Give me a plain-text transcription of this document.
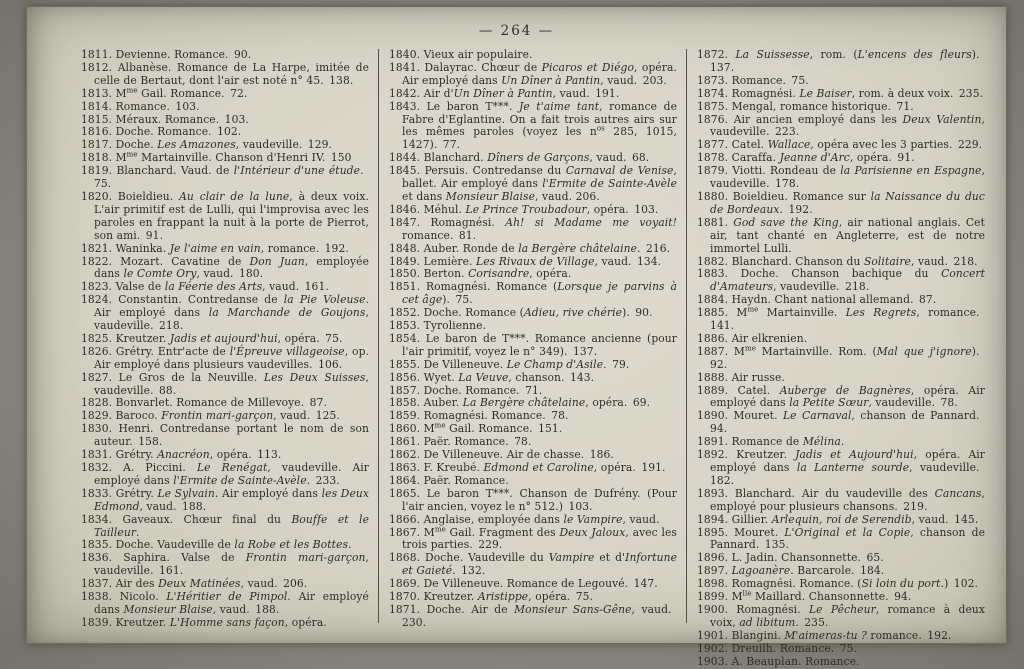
— 264 —

1811. Devienne. Romance. 90.

1812. Albanèse. Romance de La Harpe, imitée de celle de Bertaut, dont l'air est noté n° 45. 138.

1813. $M^{me}$ Gail. Romance. 72.

1814. Romance. 103.

1815. Méraux. Romance. 103.

1816. Doche. Romance. 102.

1817. Doche. Les Amazones, vaudeville. 129.

1818. $M^{me}$ Martainville. Chanson d'Henri IV. 150

1819. Blanchard. Vaud. de l'Intérieur d'une étude. 75.

1820. Boieldieu. Au clair de la lune, à deux voix. L'air primitif est de Lulli, qui l'improvisa avec les paroles en frappant la nuit à la porte de Pierrot, son ami. 91.

1821. Waninka. Je l'aime en vain, romance. 192.

1822. Mozart. Cavatine de Don Juan, employée dans le Comte Ory, vaud. 180.

1823. Valse de la Féerie des Arts, vaud. 161.

1824. Constantin. Contredanse de la Pie Voleuse. Air employé dans la Marchande de Goujons, vaudeville. 218.

1825. Kreutzer. Jadis et aujourd'hui, opéra. 75.

1826. Grétry. Entr'acte de l'Épreuve villageoise, op. Air employé dans plusieurs vaudevilles. 106.

1827. Le Gros de la Neuville. Les Deux Suisses, vaudeville. 88.

1828. Bonvarlet. Romance de Millevoye. 87.

1829. Baroco. Frontin mari-garçon, vaud. 125.

1830. Henri. Contredanse portant le nom de son auteur. 158.

1831. Grétry. Anacréon, opéra. 113.

1832. A. Piccini. Le Renégat, vaudeville. Air employé dans l'Ermite de Sainte-Avèle. 233.

1833. Grétry. Le Sylvain. Air employé dans les Deux Edmond, vaud. 188.

1834. Gaveaux. Chœur final du Bouffe et le Tailleur.

1835. Doche. Vaudeville de la Robe et les Bottes.

1836. Saphira. Valse de Frontin mari-garçon, vaudeville. 161.

1837. Air des Deux Matinées, vaud. 206.

1838. Nicolo. L'Héritier de Pimpol. Air employé dans Monsieur Blaise, vaud. 188.

1839. Kreutzer. L'Homme sans façon, opéra.

1840. Vieux air populaire.

1841. Dalayrac. Chœur de Picaros et Diégo, opéra. Air employé dans Un Dîner à Pantin, vaud. 203.

1842. Air d'Un Dîner à Pantin, vaud. 191.

1843. Le baron T***. Je t'aime tant, romance de Fabre d'Eglantine. On a fait trois autres airs sur les mêmes paroles (voyez les $n^{os}$ 285, 1015, 1427). 77.

1844. Blanchard. Dîners de Garçons, vaud. 68.

1845. Persuis. Contredanse du Carnaval de Venise, ballet. Air employé dans l'Ermite de Sainte-Avèle et dans Monsieur Blaise, vaud. 206.

1846. Méhul. Le Prince Troubadour, opéra. 103.

1847. Romagnési. Ah! si Madame me voyait! romance. 81.

1848. Auber. Ronde de la Bergère châtelaine. 216.

1849. Lemière. Les Rivaux de Village, vaud. 134.

1850. Berton. Corisandre, opéra.

1851. Romagnési. Romance (Lorsque je parvins à cet âge). 75.

1852. Doche. Romance (Adieu, rive chérie). 90.

1853. Tyrolienne.

1854. Le baron de T***. Romance ancienne (pour l'air primitif, voyez le n° 349). 137.

1855. De Villeneuve. Le Champ d'Asile. 79.

1856. Wyet. La Veuve, chanson. 143.

1857. Doche. Romance. 71.

1858. Auber. La Bergère châtelaine, opéra. 69.

1859. Romagnési. Romance. 78.

1860. $M^{me}$ Gail. Romance. 151.

1861. Paër. Romance. 78.

1862. De Villeneuve. Air de chasse. 186.

1863. F. Kreubé. Edmond et Caroline, opéra. 191.

1864. Paër. Romance.

1865. Le baron T***. Chanson de Dufrény. (Pour l'air ancien, voyez le n° 512.) 103.

1866. Anglaise, employée dans le Vampire, vaud.

1867. $M^{me}$ Gail. Fragment des Deux Jaloux, avec les trois parties. 229.

1868. Doche. Vaudeville du Vampire et d'Infortune et Gaieté. 132.

1869. De Villeneuve. Romance de Legouvé. 147.

1870. Kreutzer. Aristippe, opéra. 75.

1871. Doche. Air de Monsieur Sans-Gêne, vaud. 230.

1872. La Suissesse, rom. (L'encens des fleurs). 137.

1873. Romance. 75.

1874. Romagnési. Le Baiser, rom. à deux voix. 235.

1875. Mengal, romance historique. 71.

1876. Air ancien employé dans les Deux Valentin, vaudeville. 223.

1877. Catel. Wallace, opéra avec les 3 parties. 229.

1878. Caraffa. Jeanne d'Arc, opéra. 91.

1879. Viotti. Rondeau de la Parisienne en Espagne, vaudeville. 178.

1880. Boieldieu. Romance sur la Naissance du duc de Bordeaux. 192.

1881. God save the King, air national anglais. Cet air, tant chanté en Angleterre, est de notre immortel Lulli.

1882. Blanchard. Chanson du Solitaire, vaud. 218.

1883. Doche. Chanson bachique du Concert d'Amateurs, vaudeville. 218.

1884. Haydn. Chant national allemand. 87.

1885. $M^{me}$ Martainville. Les Regrets, romance. 141.

1886. Air elkrenien.

1887. $M^{me}$ Martainville. Rom. (Mal que j'ignore). 92.

1888. Air russe.

1889. Catel. Auberge de Bagnères, opéra. Air employé dans la Petite Sœur, vaudeville. 78.

1890. Mouret. Le Carnaval, chanson de Pannard. 94.

1891. Romance de Mélina.

1892. Kreutzer. Jadis et Aujourd'hui, opéra. Air employé dans la Lanterne sourde, vaudeville. 182.

1893. Blanchard. Air du vaudeville des Cancans, employé pour plusieurs chansons. 219.

1894. Gillier. Arlequin, roi de Serendib, vaud. 145.

1895. Mouret. L'Original et la Copie, chanson de Pannard. 135.

1896. L. Jadin. Chansonnette. 65.

1897. Lagoanère. Barcarole. 184.

1898. Romagnési. Romance. (Si loin du port.) 102.

1899. $M^{lle}$ Maillard. Chansonnette. 94.

1900. Romagnési. Le Pêcheur, romance à deux voix, ad libitum. 235.

1901. Blangini. M'aimeras-tu ? romance. 192.

1902. Dreuilh. Romance. 75.

1903. A. Beauplan. Romance.
